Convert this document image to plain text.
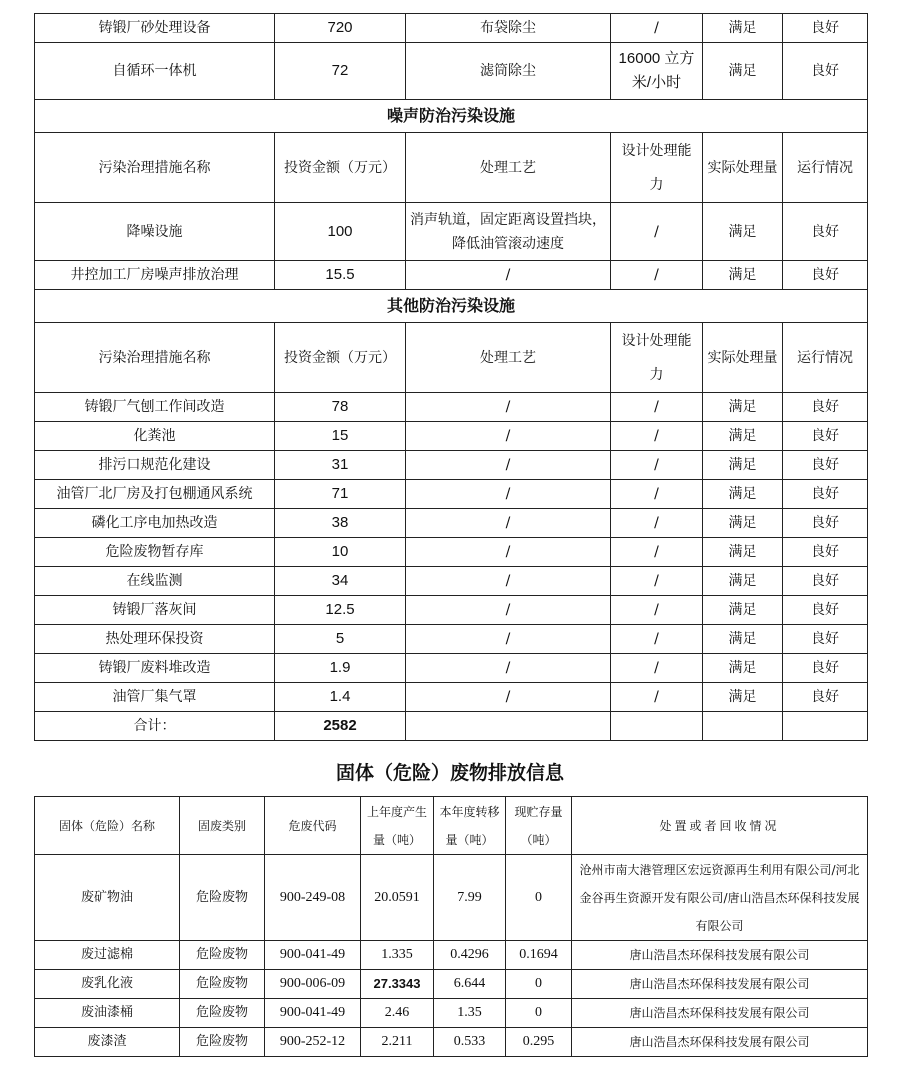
铸锻厂砂处理设备	720	布袋除尘	/	满足	良好
自循环一体机	72	滤筒除尘	16000 立方米/小时	满足	良好
噪声防治污染设施					
污染治理措施名称	投资金额（万元）	处理工艺	设计处理能力	实际处理量	运行情况
降噪设施	100	消声轨道，固定距离设置挡块，降低油管滚动速度	/	满足	良好
井控加工厂房噪声排放治理	15.5	/	/	满足	良好
其他防治污染设施					
污染治理措施名称	投资金额（万元）	处理工艺	设计处理能力	实际处理量	运行情况
铸锻厂气刨工作间改造	78	/	/	满足	良好
化粪池	15	/	/	满足	良好
排污口规范化建设	31	/	/	满足	良好
油管厂北厂房及打包棚通风系统	71	/	/	满足	良好
磷化工序电加热改造	38	/	/	满足	良好
危险废物暂存库	10	/	/	满足	良好
在线监测	34	/	/	满足	良好
铸锻厂落灰间	12.5	/	/	满足	良好
热处理环保投资	5	/	/	满足	良好
铸锻厂废料堆改造	1.9	/	/	满足	良好
油管厂集气罩	1.4	/	/	满足	良好
合计：	2582				
固体（危险）废物排放信息
固体（危险）名称	固废类别	危废代码	上年度产生量（吨）	本年度转移量（吨）	现贮存量（吨）	处置或者回收情况
废矿物油	危险废物	900-249-08	20.0591	7.99	0	沧州市南大港管理区宏远资源再生利用有限公司/河北金谷再生资源开发有限公司/唐山浩昌杰环保科技发展有限公司
废过滤棉	危险废物	900-041-49	1.335	0.4296	0.1694	唐山浩昌杰环保科技发展有限公司
废乳化液	危险废物	900-006-09	27.3343	6.644	0	唐山浩昌杰环保科技发展有限公司
废油漆桶	危险废物	900-041-49	2.46	1.35	0	唐山浩昌杰环保科技发展有限公司
废漆渣	危险废物	900-252-12	2.211	0.533	0.295	唐山浩昌杰环保科技发展有限公司
